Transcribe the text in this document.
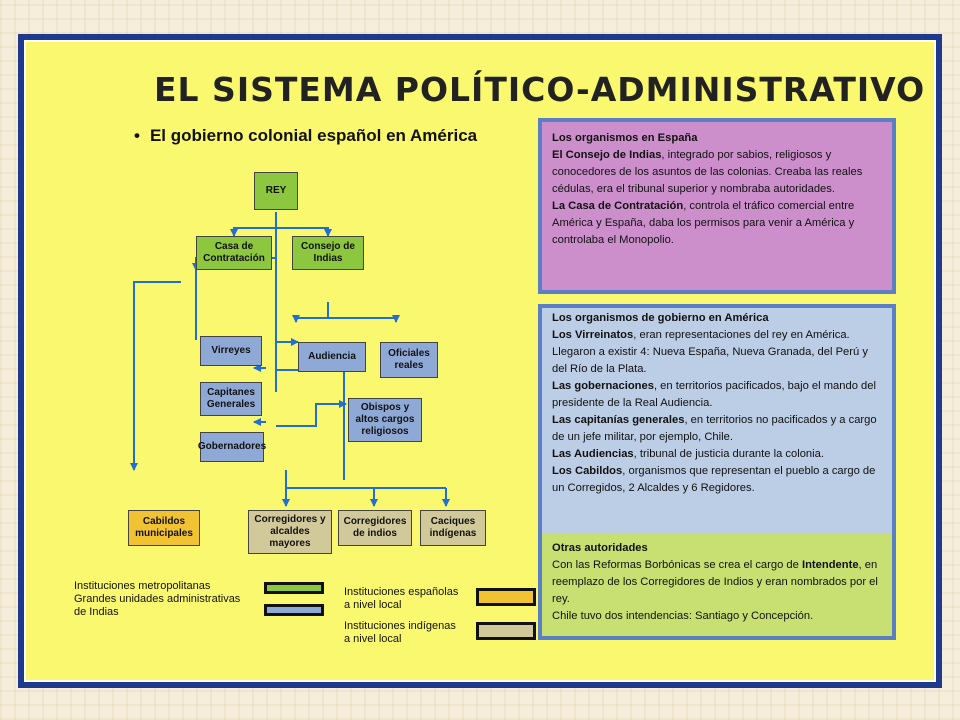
EL SISTEMA POLÍTICO-ADMINISTRATIVO
• El gobierno colonial español en América
REY
Casa de Contratación
Consejo de Indias
Virreyes
Audiencia	Oficiales reales
Capitanes Generales	Obispos y altos cargos religiosos
Gobernadores
Cabildos municipales
Corregidores y alcaldes mayores
Corregidores de indios
Caciques indígenas
Instituciones metropolitanas
Grandes unidades administrativas
de Indias
Instituciones españolas
a nivel local
Instituciones indígenas
a nivel local

Los organismos en España

El Consejo de Indias, integrado por sabios, religiosos y conocedores de los asuntos de las colonias. Creaba las reales cédulas, era el tribunal superior y nombraba autoridades.

La Casa de Contratación, controla el tráfico comercial entre América y España, daba los permisos para venir a América y controlaba el Monopolio.

Los organismos de gobierno en América

Los Virreinatos, eran representaciones del rey en América. Llegaron a existir 4: Nueva España, Nueva Granada, del Perú y del Río de la Plata.

Las gobernaciones, en territorios pacificados, bajo el mando del presidente de la Real Audiencia.

Las capitanías generales, en territorios no pacificados y a cargo de un jefe militar, por ejemplo, Chile.

Las Audiencias, tribunal de justicia durante la colonia.

Los Cabildos, organismos que representan el pueblo a cargo de un Corregidos, 2 Alcaldes y 6 Regidores.

Otras autoridades

Con las Reformas Borbónicas se crea el cargo de Intendente, en reemplazo de los Corregidores de Indios y eran nombrados por el rey.

Chile tuvo dos intendencias: Santiago y Concepción.
